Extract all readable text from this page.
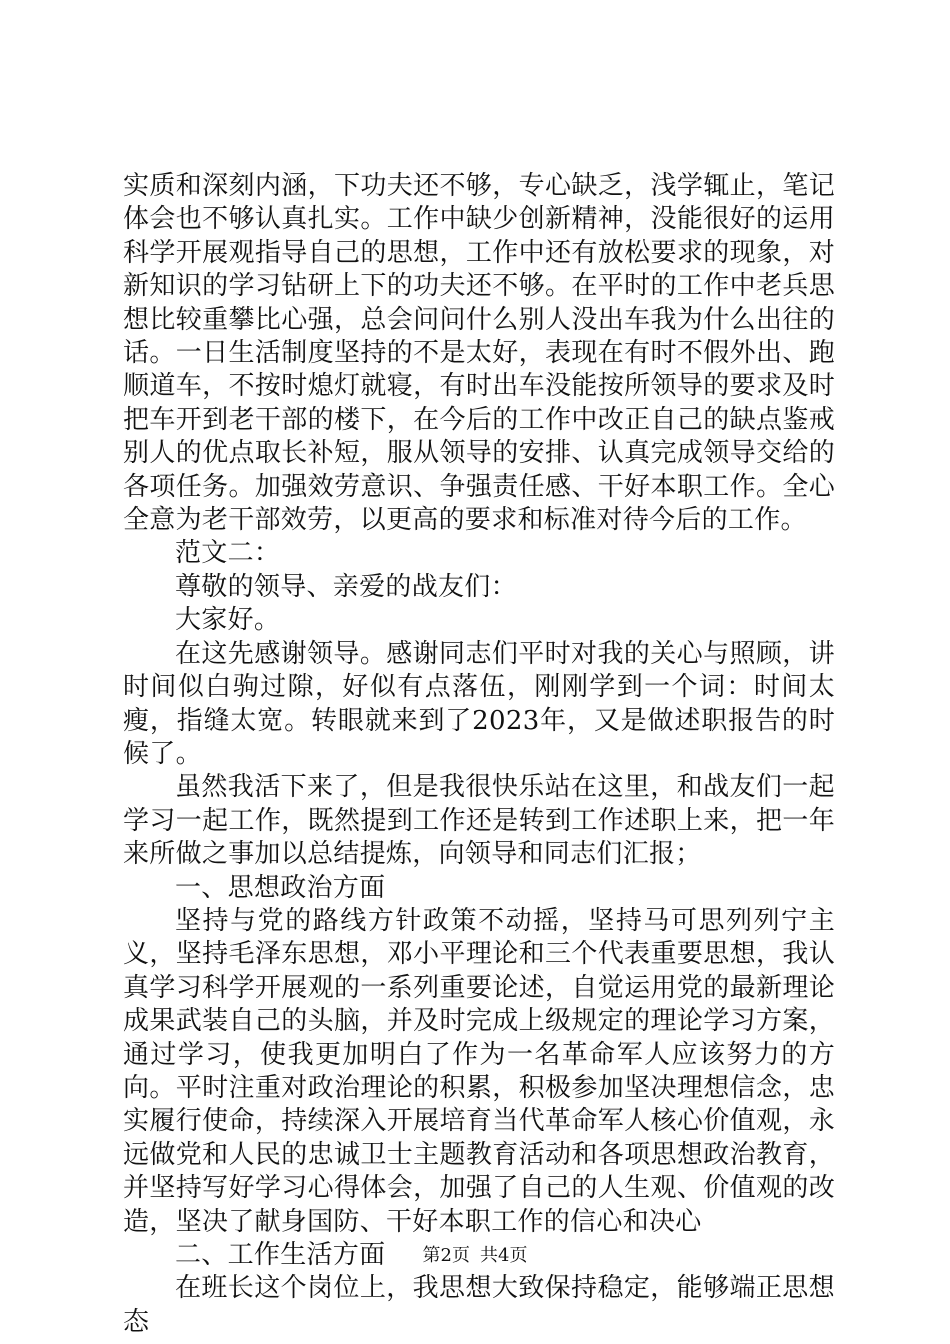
实质和深刻内涵，下功夫还不够，专心缺乏，浅学辄止，笔记体会也不够认真扎实。工作中缺少创新精神，没能很好的运用科学开展观指导自己的思想，工作中还有放松要求的现象，对新知识的学习钻研上下的功夫还不够。在平时的工作中老兵思想比较重攀比心强，总会问问什么别人没出车我为什么出往的话。一日生活制度坚持的不是太好，表现在有时不假外出、跑顺道车，不按时熄灯就寝，有时出车没能按所领导的要求及时把车开到老干部的楼下，在今后的工作中改正自己的缺点鉴戒别人的优点取长补短，服从领导的安排、认真完成领导交给的各项任务。加强效劳意识、争强责任感、干好本职工作。全心全意为老干部效劳，以更高的要求和标准对待今后的工作。

范文二：

尊敬的领导、亲爱的战友们：

大家好。

在这先感谢领导。感谢同志们平时对我的关心与照顾，讲时间似白驹过隙，好似有点落伍，刚刚学到一个词：时间太瘦，指缝太宽。转眼就来到了2023年，又是做述职报告的时候了。

虽然我活下来了，但是我很快乐站在这里，和战友们一起学习一起工作，既然提到工作还是转到工作述职上来，把一年来所做之事加以总结提炼，向领导和同志们汇报；

一、思想政治方面

坚持与党的路线方针政策不动摇，坚持马可思列列宁主义，坚持毛泽东思想，邓小平理论和三个代表重要思想，我认真学习科学开展观的一系列重要论述，自觉运用党的最新理论成果武装自己的头脑，并及时完成上级规定的理论学习方案，通过学习，使我更加明白了作为一名革命军人应该努力的方向。平时注重对政治理论的积累，积极参加坚决理想信念，忠实履行使命，持续深入开展培育当代革命军人核心价值观，永远做党和人民的忠诚卫士主题教育活动和各项思想政治教育，并坚持写好学习心得体会，加强了自己的人生观、价值观的改造，坚决了献身国防、干好本职工作的信心和决心

二、工作生活方面

在班长这个岗位上，我思想大致保持稳定，能够端正思想态

第2页 共4页
